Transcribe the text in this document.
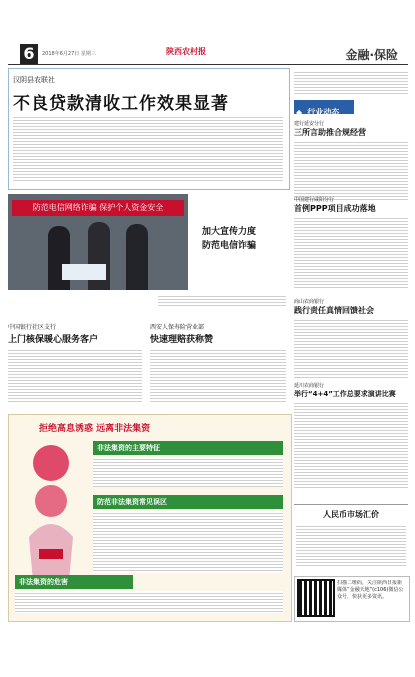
6	2018年6月27日 星期三	陕西农村报	金融·保险
汉阴县农联社
不良贷款清收工作效果显著
防范电信网络诈骗 保护个人资金安全
加大宣传力度
防范电信诈骗
中国银行社区支行
上门核保暖心服务客户
西安人保寿险营业部
快速理赔获称赞
拒绝高息诱惑 远离非法集资
非法集资的主要特征
防范非法集资常见误区
非法集资的危害
◆ 行业动态
建行延安分行
三所言助推合规经营
中国建行咸阳分行
首例PPP项目成功落地
商山农商银行
践行责任真情回馈社会
延川农商银行
举行“4+4”工作总要求演讲比赛
人民币市场汇价
扫描二维码，关注陕西日报新媒体“金融天地”(c106)微信公众号，快获更多资讯。
